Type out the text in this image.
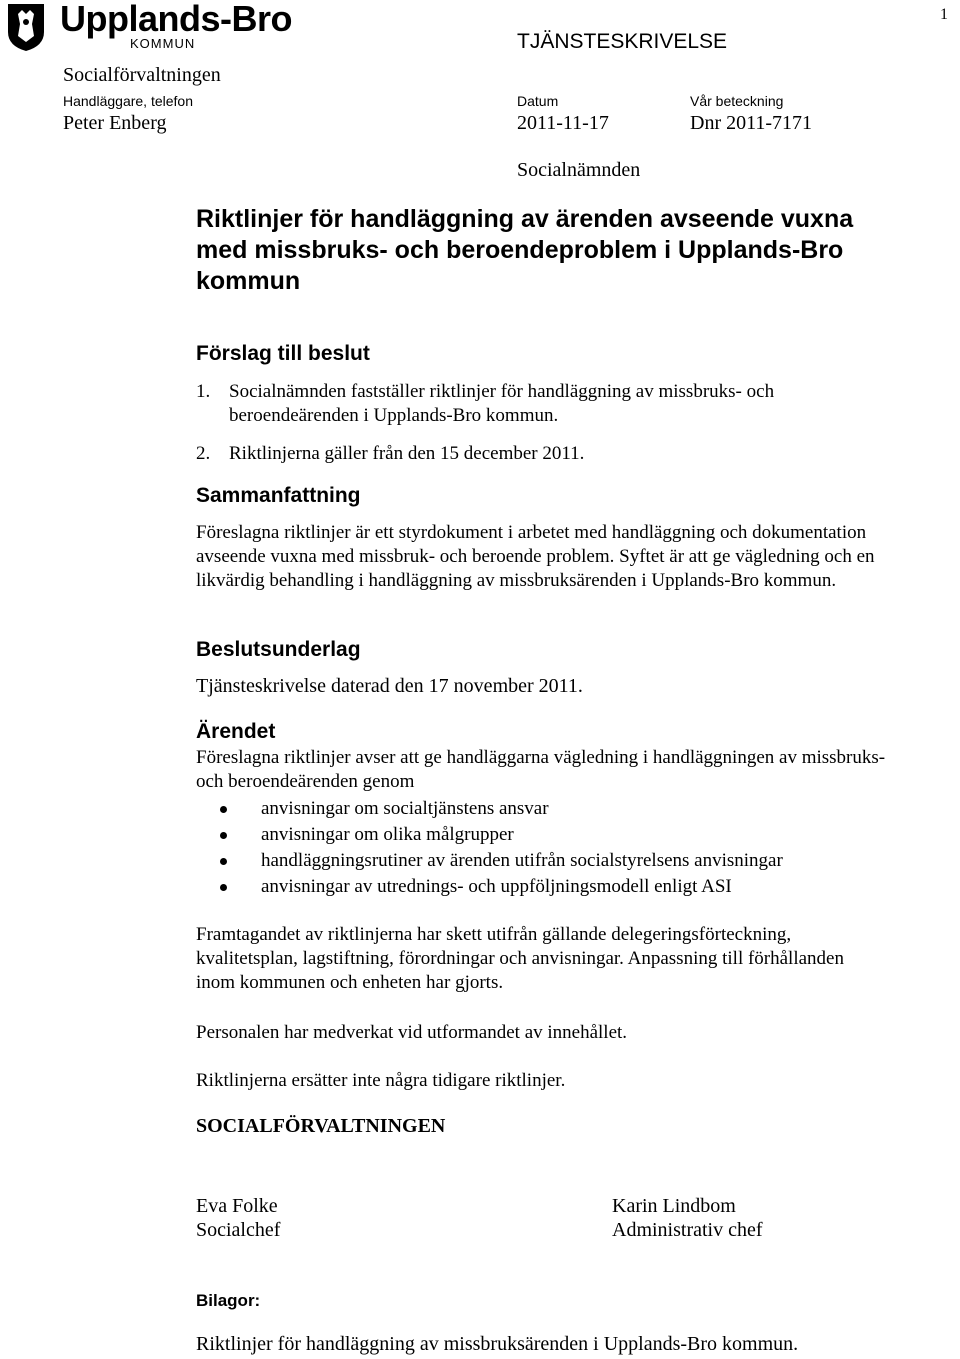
Upplands-Bro
KOMMUN
1
TJÄNSTESKRIVELSE
Socialförvaltningen
Handläggare, telefon
Peter Enberg
Datum
2011-11-17
Vår beteckning
Dnr 2011-7171
Socialnämnden
Riktlinjer för handläggning av ärenden avseende vuxna med missbruks- och beroendeproblem i Upplands-Bro kommun
Förslag till beslut
1. Socialnämnden fastställer riktlinjer för handläggning av missbruks- och
beroendeärenden i Upplands-Bro kommun.
2. Riktlinjerna gäller från den 15 december 2011.
Sammanfattning
Föreslagna riktlinjer är ett styrdokument i arbetet med handläggning och dokumentation avseende vuxna med missbruk- och beroende problem. Syftet är att ge vägledning och en likvärdig behandling i handläggning av missbruksärenden i Upplands-Bro kommun.
Beslutsunderlag
Tjänsteskrivelse daterad den 17 november 2011.
Ärendet
Föreslagna riktlinjer avser att ge handläggarna vägledning i handläggningen av missbruks- och beroendeärenden genom
anvisningar om socialtjänstens ansvar
anvisningar om olika målgrupper
handläggningsrutiner av ärenden utifrån socialstyrelsens anvisningar
anvisningar av utrednings- och uppföljningsmodell enligt ASI
Framtagandet av riktlinjerna har skett utifrån gällande delegeringsförteckning, kvalitetsplan, lagstiftning, förordningar och anvisningar. Anpassning till förhållanden inom kommunen och enheten har gjorts.
Personalen har medverkat vid utformandet av innehållet.
Riktlinjerna ersätter inte några tidigare riktlinjer.
SOCIALFÖRVALTNINGEN
Eva Folke
Socialchef
Karin Lindbom
Administrativ chef
Bilagor:
Riktlinjer för handläggning av missbruksärenden i Upplands-Bro kommun.
